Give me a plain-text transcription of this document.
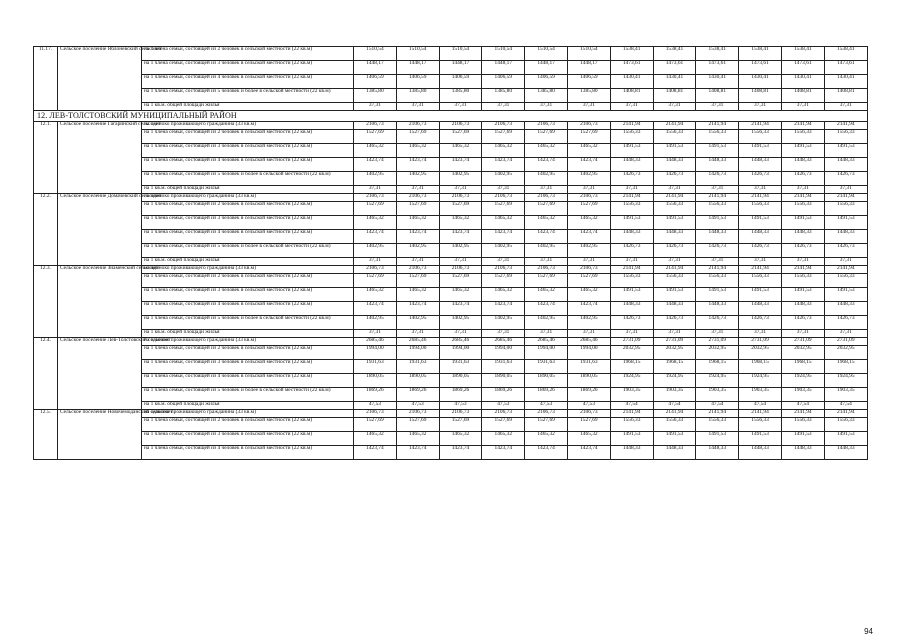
11.17.	Сельское поселение Яблоневский сельсовет	на 1 члена семьи, состоящей из 2 человек в сельской местности (22 кв.м)	1510,54	1510,54	1510,54	1510,54	1510,54	1510,54	1538,41	1538,41	1538,41	1538,41	1538,41	1538,41
		на 1 члена семьи, состоящей из 3 человек в сельской местности (22 кв.м)	1448,17	1448,17	1448,17	1448,17	1448,17	1448,17	1473,61	1473,61	1473,61	1473,61	1473,61	1473,61
		на 1 члена семьи, состоящей из 4 человек в сельской местности (22 кв.м)	1406,59	1406,59	1406,59	1406,59	1406,59	1406,59	1430,41	1430,41	1430,41	1430,41	1430,41	1430,41
		на 1 члена семьи, состоящей из 5 человек и более в сельской местности (22 кв.м)	1385,80	1385,80	1385,80	1385,80	1385,80	1385,80	1408,81	1408,81	1408,81	1408,81	1408,81	1408,81
		на 1 кв.м. общей площади жилья	37,31	37,31	37,31	37,31	37,31	37,31	37,31	37,31	37,31	37,31	37,31	37,31
12. ЛЕВ-ТОЛСТОВСКИЙ МУНИЦИПАЛЬНЫЙ РАЙОН														
12.1.	Сельское поселение Гагаринский сельсовет	на одиноко проживающего гражданина (33 кв.м)	2106,73	2106,73	2106,73	2106,73	2106,73	2106,73	2141,94	2141,94	2141,94	2141,94	2141,94	2141,94
		на 1 члена семьи, состоящей из 2 человек в сельской местности (22 кв.м)	1527,69	1527,69	1527,69	1527,69	1527,69	1527,69	1556,33	1556,33	1556,33	1556,33	1556,33	1556,33
		на 1 члена семьи, состоящей из 3 человек в сельской местности (22 кв.м)	1465,32	1465,32	1465,32	1465,32	1465,32	1465,32	1491,53	1491,53	1491,53	1491,53	1491,53	1491,53
		на 1 члена семьи, состоящей из 4 человек в сельской местности (22 кв.м)	1423,74	1423,74	1423,74	1423,74	1423,74	1423,74	1448,33	1448,33	1448,33	1448,33	1448,33	1448,33
		на 1 члена семьи, состоящей из 5 человек и более в сельской местности (22 кв.м)	1402,95	1402,95	1402,95	1402,95	1402,95	1402,95	1426,73	1426,73	1426,73	1426,73	1426,73	1426,73
		на 1 кв.м. общей площади жилья	37,31	37,31	37,31	37,31	37,31	37,31	37,31	37,31	37,31	37,31	37,31	37,31
12.2.	Сельское поселение Домачевский сельсовет	на одиноко проживающего гражданина (33 кв.м)	2106,73	2106,73	2106,73	2106,73	2106,73	2106,73	2141,94	2141,94	2141,94	2141,94	2141,94	2141,94
		на 1 члена семьи, состоящей из 2 человек в сельской местности (22 кв.м)	1527,69	1527,69	1527,69	1527,69	1527,69	1527,69	1556,33	1556,33	1556,33	1556,33	1556,33	1556,33
		на 1 члена семьи, состоящей из 3 человек в сельской местности (22 кв.м)	1465,32	1465,32	1465,32	1465,32	1465,32	1465,32	1491,53	1491,53	1491,53	1491,53	1491,53	1491,53
		на 1 члена семьи, состоящей из 4 человек в сельской местности (22 кв.м)	1423,74	1423,74	1423,74	1423,74	1423,74	1423,74	1448,33	1448,33	1448,33	1448,33	1448,33	1448,33
		на 1 члена семьи, состоящей из 5 человек и более в сельской местности (22 кв.м)	1402,95	1402,95	1402,95	1402,95	1402,95	1402,95	1426,73	1426,73	1426,73	1426,73	1426,73	1426,73
		на 1 кв.м. общей площади жилья	37,31	37,31	37,31	37,31	37,31	37,31	37,31	37,31	37,31	37,31	37,31	37,31
12.3.	Сельское поселение Знаменский сельсовет	на одиноко проживающего гражданина (33 кв.м)	2106,73	2106,73	2106,73	2106,73	2106,73	2106,73	2141,94	2141,94	2141,94	2141,94	2141,94	2141,94
		на 1 члена семьи, состоящей из 2 человек в сельской местности (22 кв.м)	1527,69	1527,69	1527,69	1527,69	1527,69	1527,69	1556,33	1556,33	1556,33	1556,33	1556,33	1556,33
		на 1 члена семьи, состоящей из 3 человек в сельской местности (22 кв.м)	1465,32	1465,32	1465,32	1465,32	1465,32	1465,32	1491,53	1491,53	1491,53	1491,53	1491,53	1491,53
		на 1 члена семьи, состоящей из 4 человек в сельской местности (22 кв.м)	1423,74	1423,74	1423,74	1423,74	1423,74	1423,74	1448,33	1448,33	1448,33	1448,33	1448,33	1448,33
		на 1 члена семьи, состоящей из 5 человек и более в сельской местности (22 кв.м)	1402,95	1402,95	1402,95	1402,95	1402,95	1402,95	1426,73	1426,73	1426,73	1426,73	1426,73	1426,73
		на 1 кв.м. общей площади жилья	37,31	37,31	37,31	37,31	37,31	37,31	37,31	37,31	37,31	37,31	37,31	37,31
12.4.	Сельское поселение Лев-Толстовский сельсовет	на одиноко проживающего гражданина (33 кв.м)	2685,46	2685,46	2685,46	2685,46	2685,46	2685,46	2731,09	2731,09	2731,09	2731,09	2731,09	2731,09
		на 1 члена семьи, состоящей из 2 человек в сельской местности (22 кв.м)	1994,00	1994,00	1994,00	1994,00	1994,00	1994,00	2032,95	2032,95	2032,95	2032,95	2032,95	2032,95
		на 1 члена семьи, состоящей из 3 человек в сельской местности (22 кв.м)	1931,63	1931,63	1931,63	1931,63	1931,63	1931,63	1968,15	1968,15	1968,15	1968,15	1968,15	1968,15
		на 1 члена семьи, состоящей из 4 человек в сельской местности (22 кв.м)	1890,05	1890,05	1890,05	1890,05	1890,05	1890,05	1924,95	1924,95	1924,95	1924,95	1924,95	1924,95
		на 1 члена семьи, состоящей из 5 человек и более в сельской местности (22 кв.м)	1869,26	1869,26	1869,26	1869,26	1869,26	1869,26	1903,35	1903,35	1903,35	1903,35	1903,35	1903,35
		на 1 кв.м. общей площади жилья	47,53	47,53	47,53	47,53	47,53	47,53	47,54	47,54	47,54	47,54	47,54	47,54
12.5.	Сельское поселение Новочемоданский сельсовет	на одиноко проживающего гражданина (33 кв.м)	2106,73	2106,73	2106,73	2106,73	2106,73	2106,73	2141,94	2141,94	2141,94	2141,94	2141,94	2141,94
		на 1 члена семьи, состоящей из 2 человек в сельской местности (22 кв.м)	1527,69	1527,69	1527,69	1527,69	1527,69	1527,69	1556,33	1556,33	1556,33	1556,33	1556,33	1556,33
		на 1 члена семьи, состоящей из 3 человек в сельской местности (22 кв.м)	1465,32	1465,32	1465,32	1465,32	1465,32	1465,32	1491,53	1491,53	1491,53	1491,53	1491,53	1491,53
		на 1 члена семьи, состоящей из 4 человек в сельской местности (22 кв.м)	1423,74	1423,74	1423,74	1423,74	1423,74	1423,74	1448,33	1448,33	1448,33	1448,33	1448,33	1448,33
94
